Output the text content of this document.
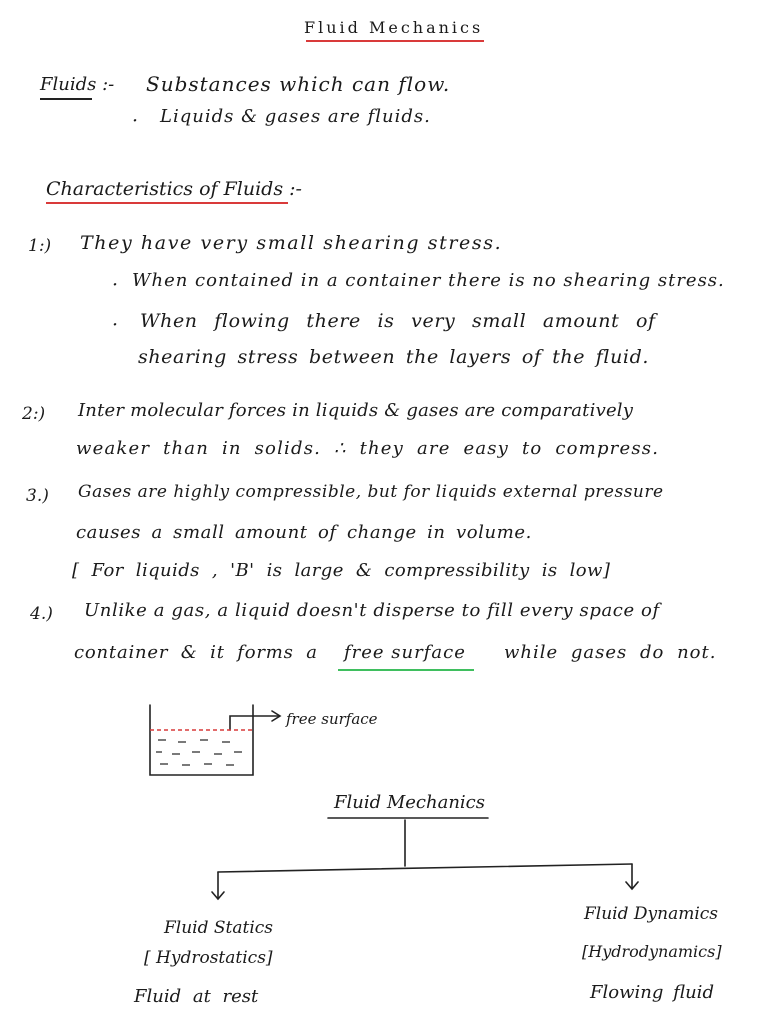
Fluid Mechanics
Fluids :- Substances which can flow.
· Liquids & gases are fluids.
Characteristics of Fluids :-
1:) They have very small shearing stress.
· When contained in a container there is no shearing stress.
· When flowing there is very small amount of
shearing stress between the layers of the fluid.
2:) Inter molecular forces in liquids & gases are comparatively
weaker than in solids. ∴ they are easy to compress.
3.) Gases are highly compressible, but for liquids external pressure
causes a small amount of change in volume.
[ For liquids , 'B' is large & compressibility is low]
4.) Unlike a gas, a liquid doesn't disperse to fill every space of
container & it forms a free surface while gases do not.
free surface
Fluid Mechanics
Fluid Statics
[ Hydrostatics]
Fluid at rest
Fluid Dynamics
[Hydrodynamics]
Flowing fluid
